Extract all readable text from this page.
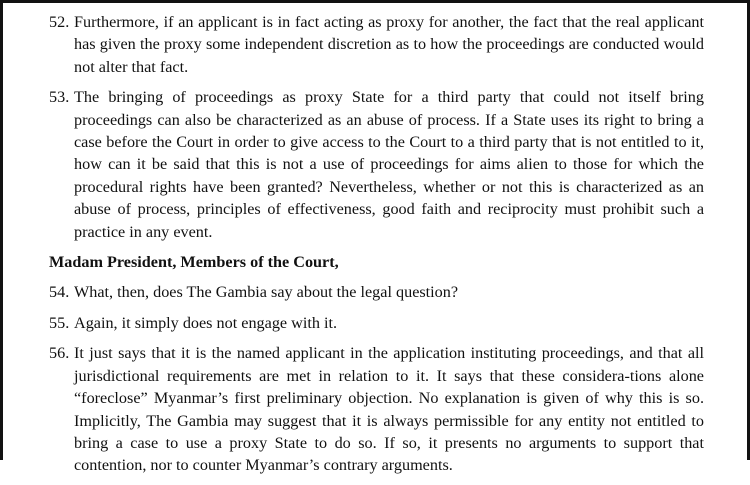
52. Furthermore, if an applicant is in fact acting as proxy for another, the fact that the real applicant has given the proxy some independent discretion as to how the proceedings are conducted would not alter that fact.
53. The bringing of proceedings as proxy State for a third party that could not itself bring proceedings can also be characterized as an abuse of process. If a State uses its right to bring a case before the Court in order to give access to the Court to a third party that is not entitled to it, how can it be said that this is not a use of proceedings for aims alien to those for which the procedural rights have been granted? Nevertheless, whether or not this is characterized as an abuse of process, principles of effectiveness, good faith and reciprocity must prohibit such a practice in any event.
Madam President, Members of the Court,
54. What, then, does The Gambia say about the legal question?
55. Again, it simply does not engage with it.
56. It just says that it is the named applicant in the application instituting proceedings, and that all jurisdictional requirements are met in relation to it. It says that these considera-tions alone “foreclose” Myanmar’s first preliminary objection. No explanation is given of why this is so. Implicitly, The Gambia may suggest that it is always permissible for any entity not entitled to bring a case to use a proxy State to do so. If so, it presents no arguments to support that contention, nor to counter Myanmar’s contrary arguments.
